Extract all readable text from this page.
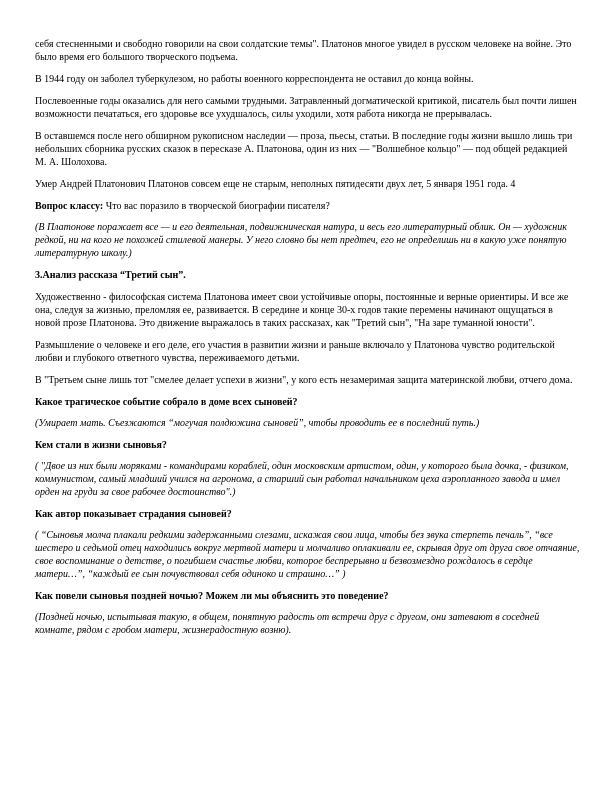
себя стесненными и свободно говорили на свои солдатские темы". Платонов многое увидел в русском человеке на войне. Это было время его большого творческого подъема.

В 1944 году он заболел туберкулезом, но работы военного корреспондента не оставил до конца войны.

Послевоенные годы оказались для него самыми трудными. Затравленный догматической критикой, писатель был почти лишен возможности печататься, его здоровье все ухудшалось, силы уходили, хотя работа никогда не прерывалась.

В оставшемся после него обширном рукописном наследии — проза, пьесы, статьи. В последние годы жизни вышло лишь три небольших сборника русских сказок в пересказе А. Платонова, один из них — "Волшебное кольцо" — под общей редакцией М. А. Шолохова.

Умер Андрей Платонович Платонов совсем еще не старым, неполных пятидесяти двух лет, 5 января 1951 года. 4

Вопрос классу: Что вас поразило в творческой биографии писателя?

(В Платонове поражает все — и его деятельная, подвижническая натура, и весь его литературный облик. Он — художник редкой, ни на кого не похожей стилевой манеры. У него словно бы нет предтеч, его не определишь ни в какую уже понятую литературную школу.)

3.Анализ рассказа “Третий сын”.

Художественно - философская система Платонова имеет свои устойчивые опоры, постоянные и верные ориентиры. И все же она, следуя за жизнью, преломляя ее, развивается. В середине и конце 30-х годов такие перемены начинают ощущаться в новой прозе Платонова. Это движение выражалось в таких рассказах, как "Третий сын", "На заре туманной юности".

Размышление о человеке и его деле, его участия в развитии жизни и раньше включало у Платонова чувство родительской любви и глубокого ответного чувства, переживаемого детьми.

В "Третьем сыне лишь тот "смелее делает успехи в жизни", у кого есть незамеримая защита материнской любви, отчего дома.

Какое трагическое событие собрало в доме всех сыновей?

(Умирает мать. Съезжаются “могучая полдюжина сыновей”, чтобы проводить ее в последний путь.)

Кем стали в жизни сыновья?

( "Двое из них были моряками - командирами кораблей, один московским артистом, один, у которого была дочка, - физиком, коммунистом, самый младший учился на агронома, а старший сын работал начальником цеха аэропланного завода и имел орден на груди за свое рабочее достоинство".)

Как автор показывает страдания сыновей?

( “Сыновья молча плакали редкими задержанными слезами, искажая свои лица, чтобы без звука стерпеть печаль”, “все шестеро и седьмой отец находились вокруг мертвой матери и молчаливо оплакивали ее, скрывая друг от друга свое отчаяние, свое воспоминание о детстве, о погибшем счастье любви, которое беспрерывно и безвозмездно рождалось в сердце матери…”, “каждый ее сын почувствовал себя одиноко и страшно…” )

Как повели сыновья поздней ночью? Можем ли мы объяснить это поведение?

(Поздней ночью, испытывая такую, в общем, понятную радость от встречи друг с другом, они затевают в соседней комнате, рядом с гробом матери, жизнерадостную возню).
